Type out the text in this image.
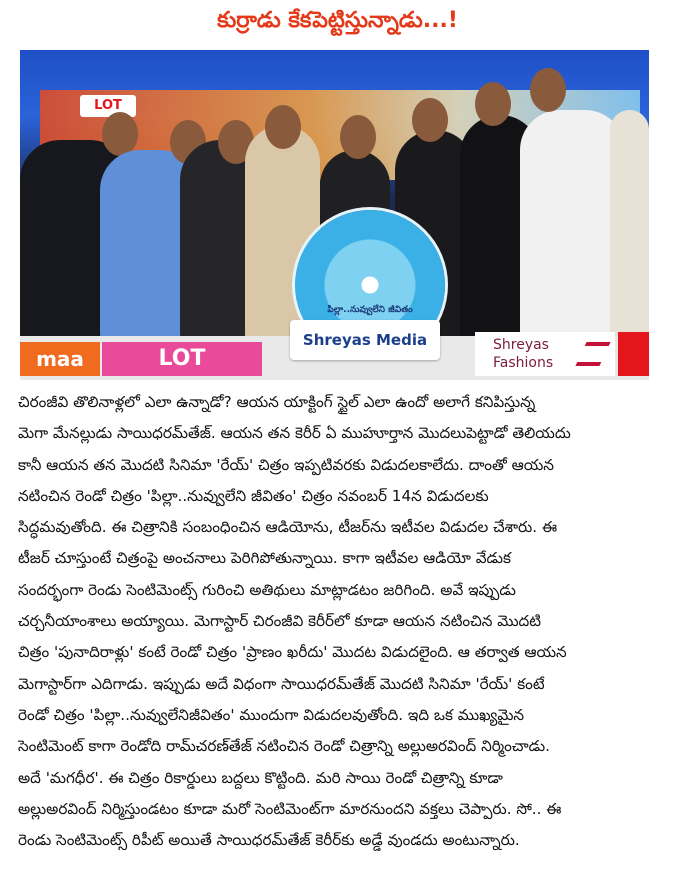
కుర్రాడు కేకపెట్టిస్తున్నాడు...!
LOT
పిల్లా..నువ్వులేని జీవితం
maa	LOT
Shreyas Media	Shreyas
Fashions
చిరంజీవి తొలినాళ్లలో ఎలా ఉన్నాడో? ఆయన యాక్టింగ్ స్టైల్ ఎలా ఉందో అలాగే కనిపిస్తున్న
మెగా మేనల్లుడు సాయిధరమ్‌తేజ్. ఆయన తన కెరీర్ ఏ ముహూర్తాన మొదలుపెట్టాడో తెలియదు
కానీ ఆయన తన మొదటి సినిమా 'రేయ్' చిత్రం ఇప్పటివరకు విడుదలకాలేదు. దాంతో ఆయన
నటించిన రెండో చిత్రం 'పిల్లా..నువ్వులేని జీవితం' చిత్రం నవంబర్ 14న విడుదలకు
సిద్ధమవుతోంది. ఈ చిత్రానికి సంబంధించిన ఆడియోను, టీజర్‌ను ఇటీవల విడుదల చేశారు. ఈ
టీజర్ చూస్తుంటే చిత్రంపై అంచనాలు పెరిగిపోతున్నాయి. కాగా ఇటీవల ఆడియో వేడుక
సందర్భంగా రెండు సెంటిమెంట్స్ గురించి అతిథులు మాట్లాడటం జరిగింది. అవే ఇప్పుడు
చర్చనీయాంశాలు అయ్యాయి. మెగాస్టార్ చిరంజీవి కెరీర్‌లో కూడా ఆయన నటించిన మొదటి
చిత్రం 'పునాదిరాళ్లు' కంటే రెండో చిత్రం 'ప్రాణం ఖరీదు' మొదట విడుదలైంది. ఆ తర్వాత ఆయన
మెగాస్టార్‌గా ఎదిగాడు. ఇప్పుడు అదే విధంగా సాయిధరమ్‌తేజ్ మొదటి సినిమా 'రేయ్' కంటే
రెండో చిత్రం 'పిల్లా..నువ్వులేనిజీవితం' ముందుగా విడుదలవుతోంది. ఇది ఒక ముఖ్యమైన
సెంటిమెంట్ కాగా రెండోది రామ్‌చరణ్‌తేజ్ నటించిన రెండో చిత్రాన్ని అల్లుఅరవింద్ నిర్మించాడు.
అదే 'మగధీర'. ఈ చిత్రం రికార్డులు బద్దలు కొట్టింది. మరి సాయి రెండో చిత్రాన్ని కూడా
అల్లుఅరవింద్ నిర్మిస్తుండటం కూడా మరో సెంటిమెంట్‌గా మారనుందని వక్తలు చెప్పారు. సో.. ఈ
రెండు సెంటిమెంట్స్ రిపీట్ అయితే సాయిధరమ్‌తేజ్ కెరీర్‌కు అడ్డే వుండదు అంటున్నారు.
